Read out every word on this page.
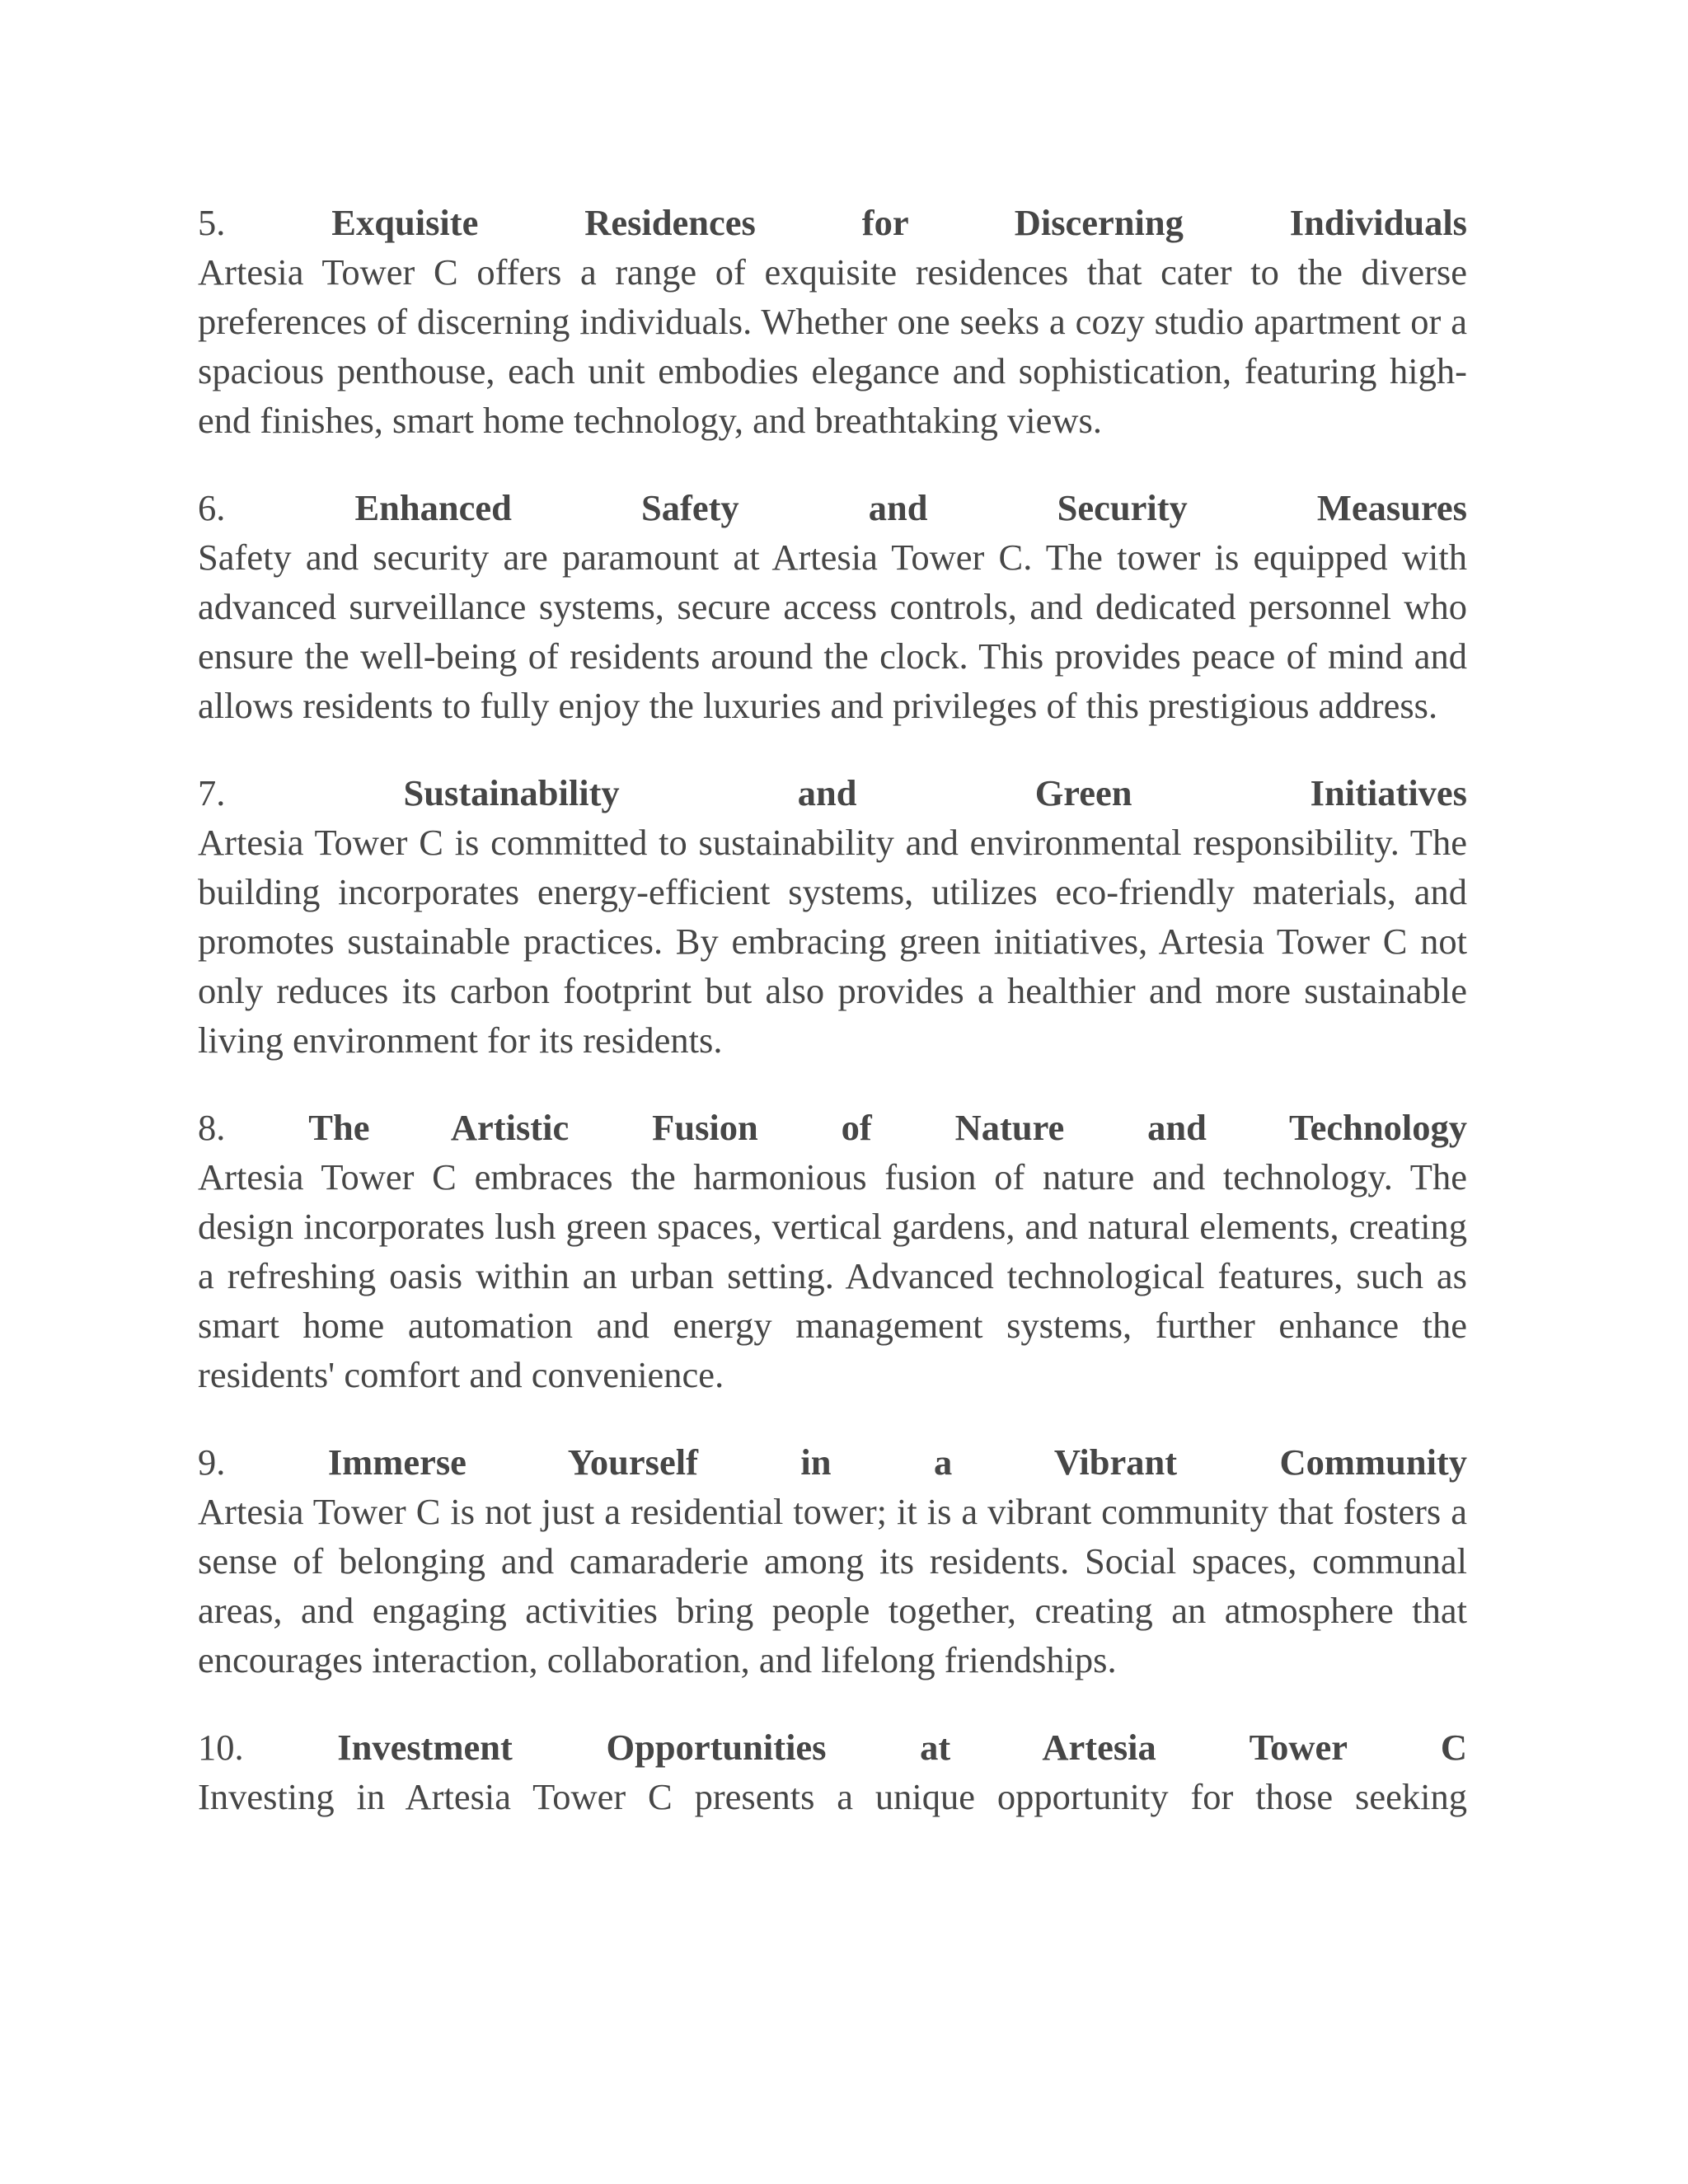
5.	Exquisite Residences for Discerning Individuals

Artesia Tower C offers a range of exquisite residences that cater to the diverse preferences of discerning individuals. Whether one seeks a cozy studio apartment or a spacious penthouse, each unit embodies elegance and sophistication, featuring high-end finishes, smart home technology, and breathtaking views.

6.	Enhanced Safety and Security Measures

Safety and security are paramount at Artesia Tower C. The tower is equipped with advanced surveillance systems, secure access controls, and dedicated personnel who ensure the well-being of residents around the clock. This provides peace of mind and allows residents to fully enjoy the luxuries and privileges of this prestigious address.

7.	Sustainability and Green Initiatives

Artesia Tower C is committed to sustainability and environmental responsibility. The building incorporates energy-efficient systems, utilizes eco-friendly materials, and promotes sustainable practices. By embracing green initiatives, Artesia Tower C not only reduces its carbon footprint but also provides a healthier and more sustainable living environment for its residents.

8. The Artistic Fusion of Nature and Technology

Artesia Tower C embraces the harmonious fusion of nature and technology. The design incorporates lush green spaces, vertical gardens, and natural elements, creating a refreshing oasis within an urban setting. Advanced technological features, such as smart home automation and energy management systems, further enhance the residents' comfort and convenience.

9.	Immerse Yourself in a Vibrant Community

Artesia Tower C is not just a residential tower; it is a vibrant community that fosters a sense of belonging and camaraderie among its residents. Social spaces, communal areas, and engaging activities bring people together, creating an atmosphere that encourages interaction, collaboration, and lifelong friendships.

10.	Investment Opportunities at Artesia Tower C

Investing in Artesia Tower C presents a unique opportunity for those seeking
